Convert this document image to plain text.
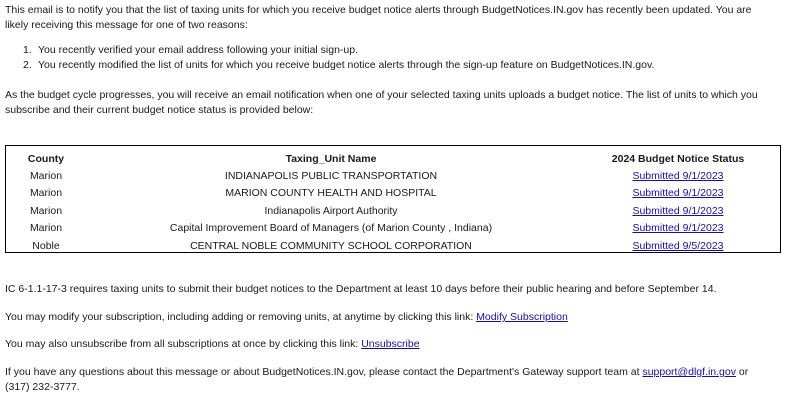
This email is to notify you that the list of taxing units for which you receive budget notice alerts through BudgetNotices.IN.gov has recently been updated. You are
likely receiving this message for one of two reasons:

1. You recently verified your email address following your initial sign-up.
2. You recently modified the list of units for which you receive budget notice alerts through the sign-up feature on BudgetNotices.IN.gov.

As the budget cycle progresses, you will receive an email notification when one of your selected taxing units uploads a budget notice. The list of units to which you
subscribe and their current budget notice status is provided below:

County	Taxing_Unit Name	2024 Budget Notice Status
Marion	INDIANAPOLIS PUBLIC TRANSPORTATION	Submitted 9/1/2023
Marion	MARION COUNTY HEALTH AND HOSPITAL	Submitted 9/1/2023
Marion	Indianapolis Airport Authority	Submitted 9/1/2023
Marion	Capital Improvement Board of Managers (of Marion County , Indiana)	Submitted 9/1/2023
Noble	CENTRAL NOBLE COMMUNITY SCHOOL CORPORATION	Submitted 9/5/2023

IC 6-1.1-17-3 requires taxing units to submit their budget notices to the Department at least 10 days before their public hearing and before September 14.

You may modify your subscription, including adding or removing units, at anytime by clicking this link: Modify Subscription

You may also unsubscribe from all subscriptions at once by clicking this link: Unsubscribe

If you have any questions about this message or about BudgetNotices.IN.gov, please contact the Department's Gateway support team at support@dlgf.in.gov or
(317) 232-3777.
